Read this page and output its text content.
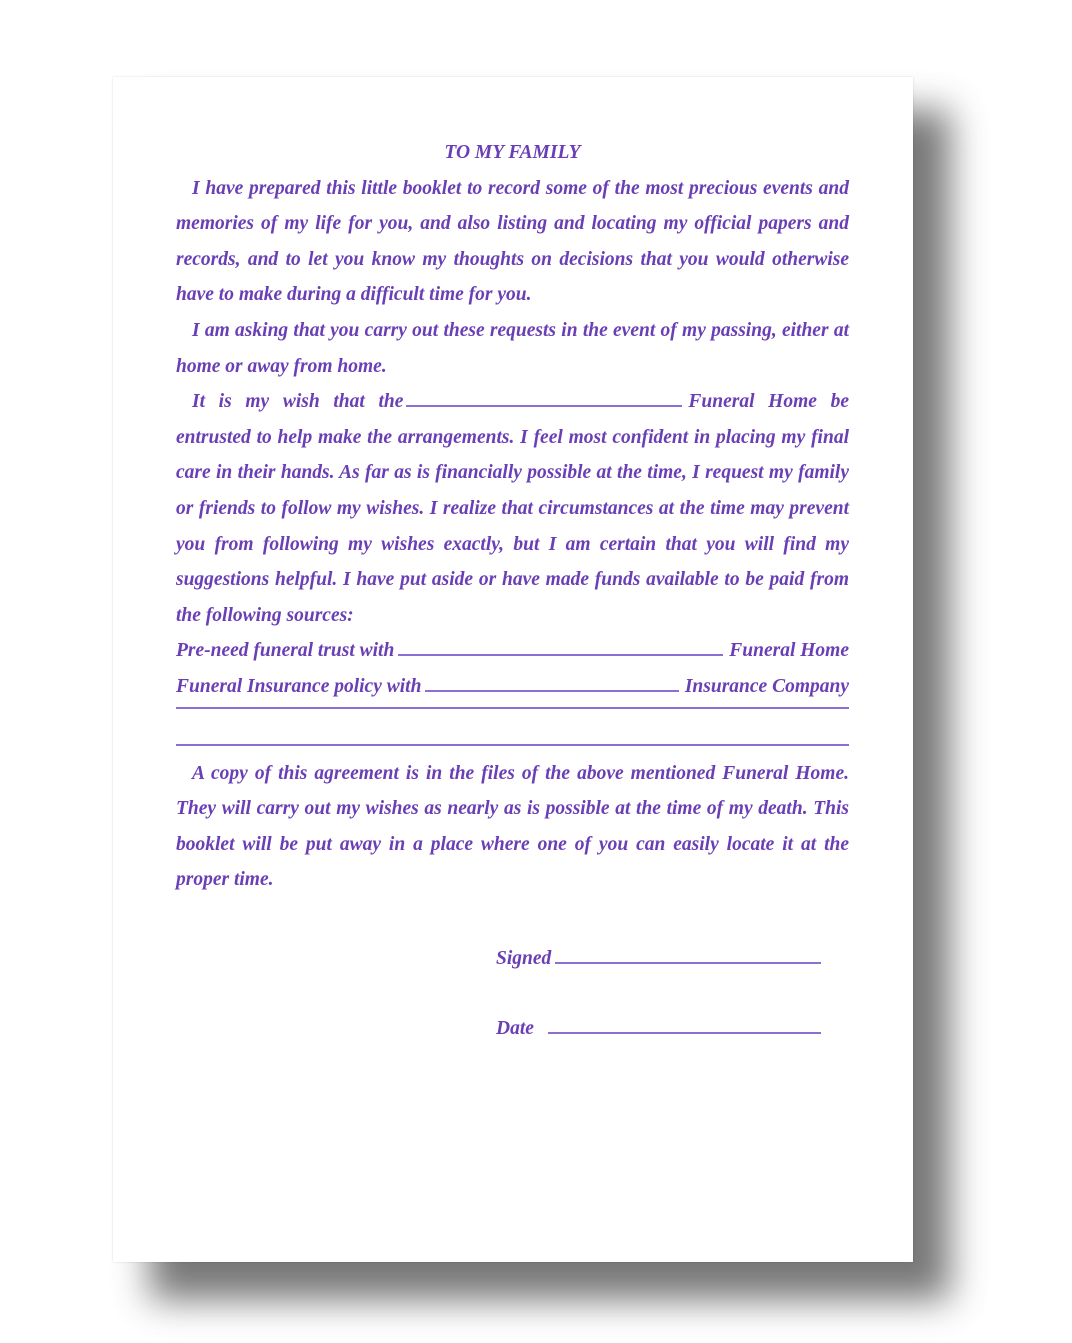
TO MY FAMILY

I have prepared this little booklet to record some of the most precious events and memories of my life for you, and also listing and locating my official papers and records, and to let you know my thoughts on decisions that you would otherwise have to make during a difficult time for you.

I am asking that you carry out these requests in the event of my passing, either at home or away from home.

It is my wish that the	Funeral Home be entrusted to help make the arrangements. I feel most confident in placing my final care in their hands. As far as is financially possible at the time, I request my family or friends to follow my wishes. I realize that circumstances at the time may prevent you from following my wishes exactly, but I am certain that you will find my suggestions helpful. I have put aside or have made funds available to be paid from the following sources:

Pre-need funeral trust with	Funeral Home
Funeral Insurance policy with	Insurance Company

A copy of this agreement is in the files of the above mentioned Funeral Home. They will carry out my wishes as nearly as is possible at the time of my death. This booklet will be put away in a place where one of you can easily locate it at the proper time.

Signed
Date
